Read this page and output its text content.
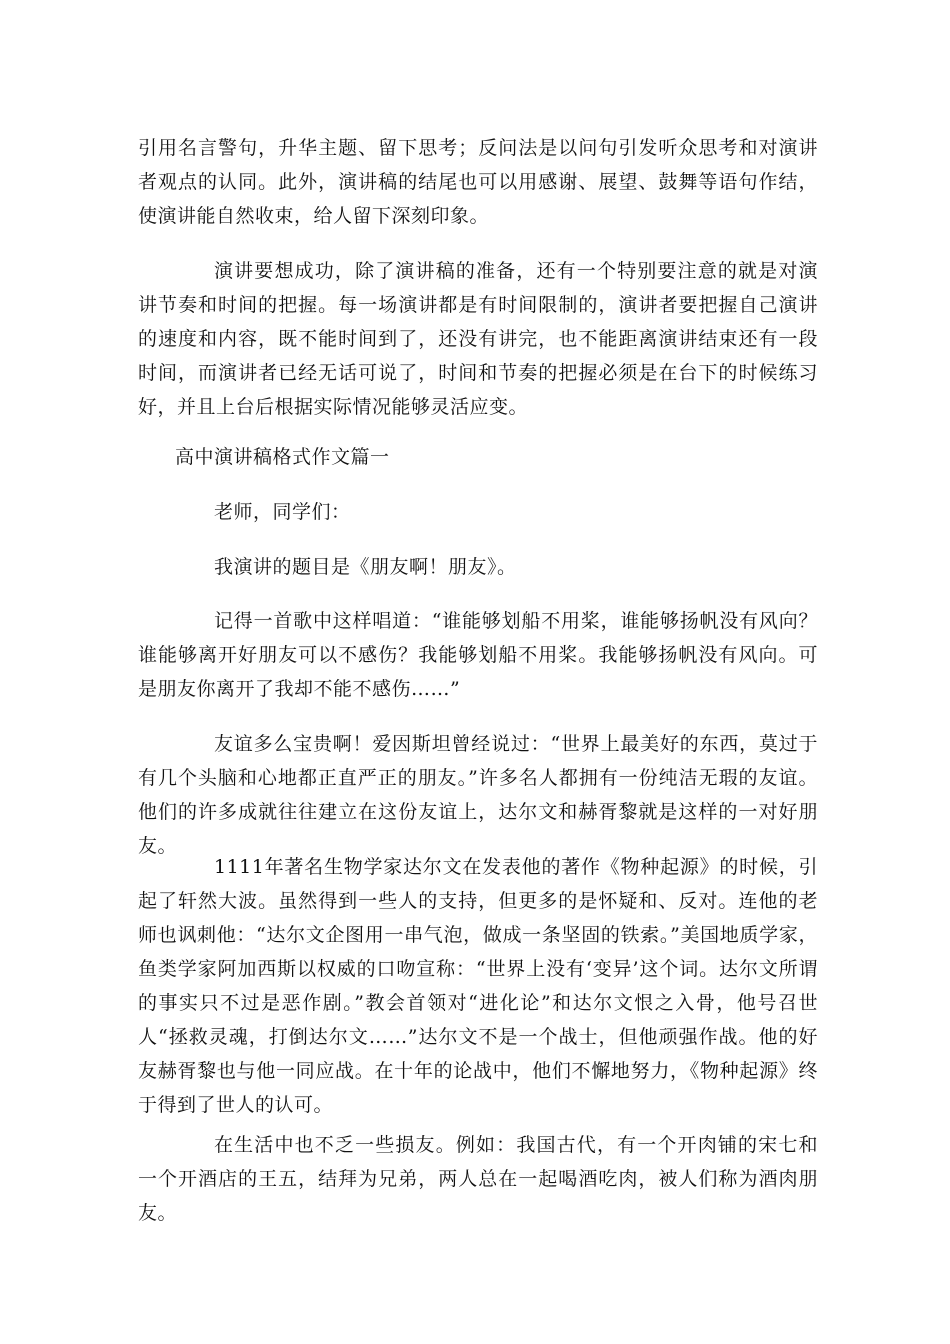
引用名言警句，升华主题、留下思考；反问法是以问句引发听众思考和对演讲者观点的认同。此外，演讲稿的结尾也可以用感谢、展望、鼓舞等语句作结，使演讲能自然收束，给人留下深刻印象。

演讲要想成功，除了演讲稿的准备，还有一个特别要注意的就是对演讲节奏和时间的把握。每一场演讲都是有时间限制的，演讲者要把握自己演讲的速度和内容，既不能时间到了，还没有讲完，也不能距离演讲结束还有一段时间，而演讲者已经无话可说了，时间和节奏的把握必须是在台下的时候练习好，并且上台后根据实际情况能够灵活应变。

高中演讲稿格式作文篇一

老师，同学们：

我演讲的题目是《朋友啊！朋友》。

记得一首歌中这样唱道：“谁能够划船不用桨，谁能够扬帆没有风向？谁能够离开好朋友可以不感伤？我能够划船不用桨。我能够扬帆没有风向。可是朋友你离开了我却不能不感伤……”

友谊多么宝贵啊！爱因斯坦曾经说过：“世界上最美好的东西，莫过于有几个头脑和心地都正直严正的朋友。”许多名人都拥有一份纯洁无瑕的友谊。他们的许多成就往往建立在这份友谊上，达尔文和赫胥黎就是这样的一对好朋友。

1111年著名生物学家达尔文在发表他的著作《物种起源》的时候，引起了轩然大波。虽然得到一些人的支持，但更多的是怀疑和、反对。连他的老师也讽刺他：“达尔文企图用一串气泡，做成一条坚固的铁索。”美国地质学家，鱼类学家阿加西斯以权威的口吻宣称：“世界上没有‘变异’这个词。达尔文所谓的事实只不过是恶作剧。”教会首领对“进化论”和达尔文恨之入骨，他号召世人“拯救灵魂，打倒达尔文……”达尔文不是一个战士，但他顽强作战。他的好友赫胥黎也与他一同应战。在十年的论战中，他们不懈地努力，《物种起源》终于得到了世人的认可。

在生活中也不乏一些损友。例如：我国古代，有一个开肉铺的宋七和一个开酒店的王五，结拜为兄弟，两人总在一起喝酒吃肉，被人们称为酒肉朋友。
